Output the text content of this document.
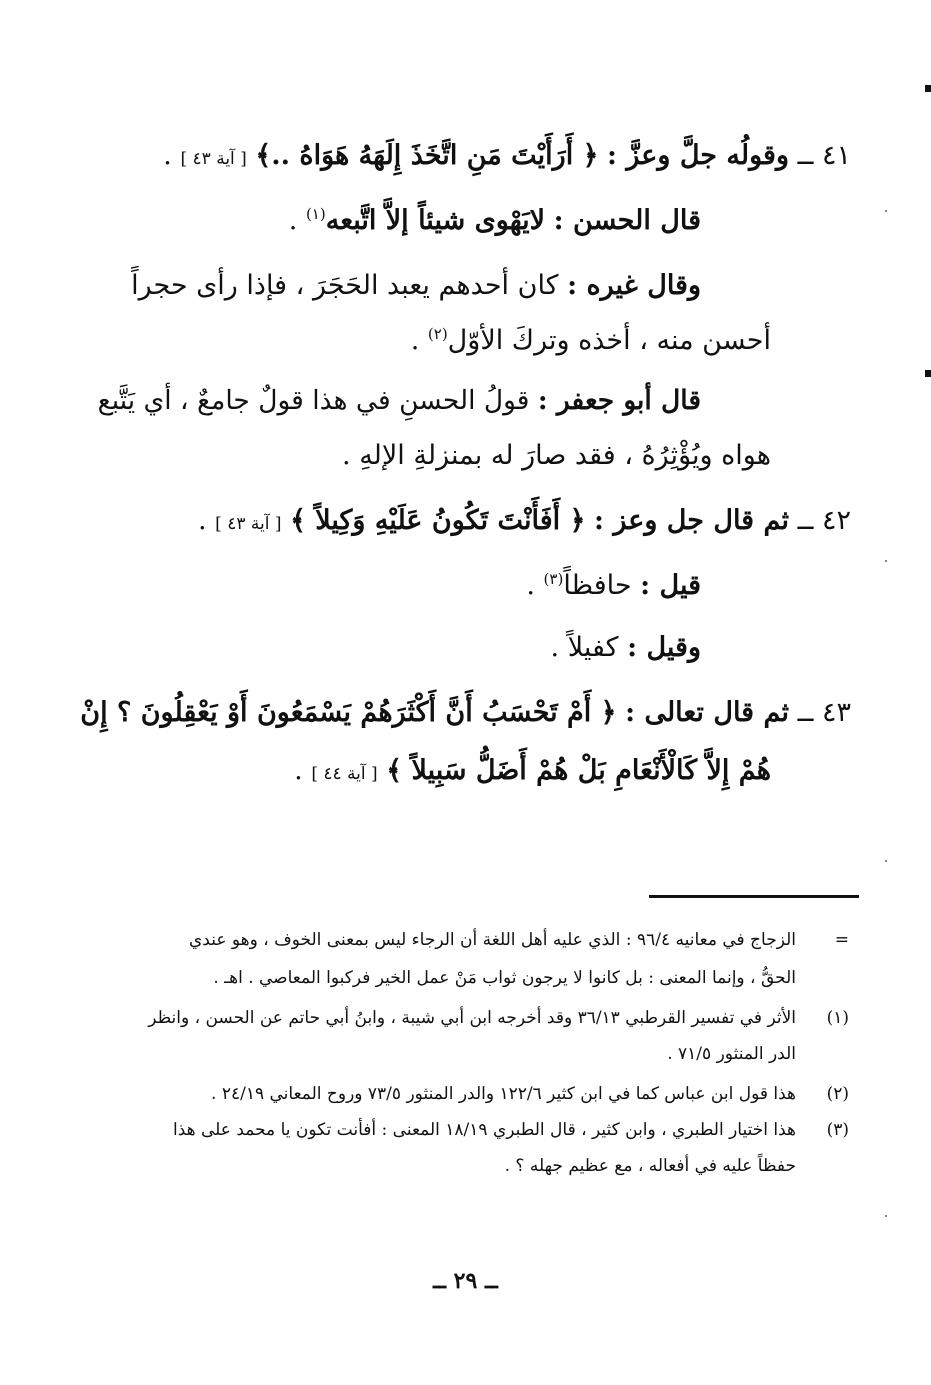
٤١ ــ وقولُه جلَّ وعزَّ : ﴿ أَرَأَيْتَ مَنِ اتَّخَذَ إِلَهَهُ هَوَاهُ ..﴾ [ آية ٤٣ ] .
قال الحسن : لايَهْوى شيئاً إلاَّ اتَّبعه$^{(١)}$ .
وقال غيره : كان أحدهم يعبد الحَجَرَ ، فإذا رأى حجراً
أحسن منه ، أخذه وتركَ الأوّل$^{(٢)}$ .
قال أبو جعفر : قولُ الحسنِ في هذا قولٌ جامعٌ ، أي يَتَّبع
هواه ويُؤْثِرُهُ ، فقد صارَ له بمنزلةِ الإلهِ .
٤٢ ــ ثم قال جل وعز : ﴿ أَفَأَنْتَ تَكُونُ عَلَيْهِ وَكِيلاً ﴾ [ آية ٤٣ ] .
قيل : حافظاً$^{(٣)}$ .
وقيل : كفيلاً .
٤٣ ــ ثم قال تعالى : ﴿ أَمْ تَحْسَبُ أَنَّ أَكْثَرَهُمْ يَسْمَعُونَ أَوْ يَعْقِلُونَ ؟ إِنْ
هُمْ إِلاَّ كَالْأَنْعَامِ بَلْ هُمْ أَضَلُّ سَبِيلاً ﴾ [ آية ٤٤ ] .
=
الزجاج في معانيه ٩٦/٤ : الذي عليه أهل اللغة أن الرجاء ليس بمعنى الخوف ، وهو عندي
الحقُّ ، وإنما المعنى : بل كانوا لا يرجون ثواب مَنْ عمل الخير فركبوا المعاصي . اهـ .
(١)
الأثر في تفسير القرطبي ٣٦/١٣ وقد أخرجه ابن أبي شيبة ، وابنُ أبي حاتم عن الحسن ، وانظر
الدر المنثور ٧١/٥ .
(٢)
هذا قول ابن عباس كما في ابن كثير ١٢٢/٦ والدر المنثور ٧٣/٥ وروح المعاني ٢٤/١٩ .
(٣)
هذا اختيار الطبري ، وابن كثير ، قال الطبري ١٨/١٩ المعنى : أفأنت تكون يا محمد على هذا
حفظاً عليه في أفعاله ، مع عظيم جهله ؟ .
ــ ٢٩ ــ
